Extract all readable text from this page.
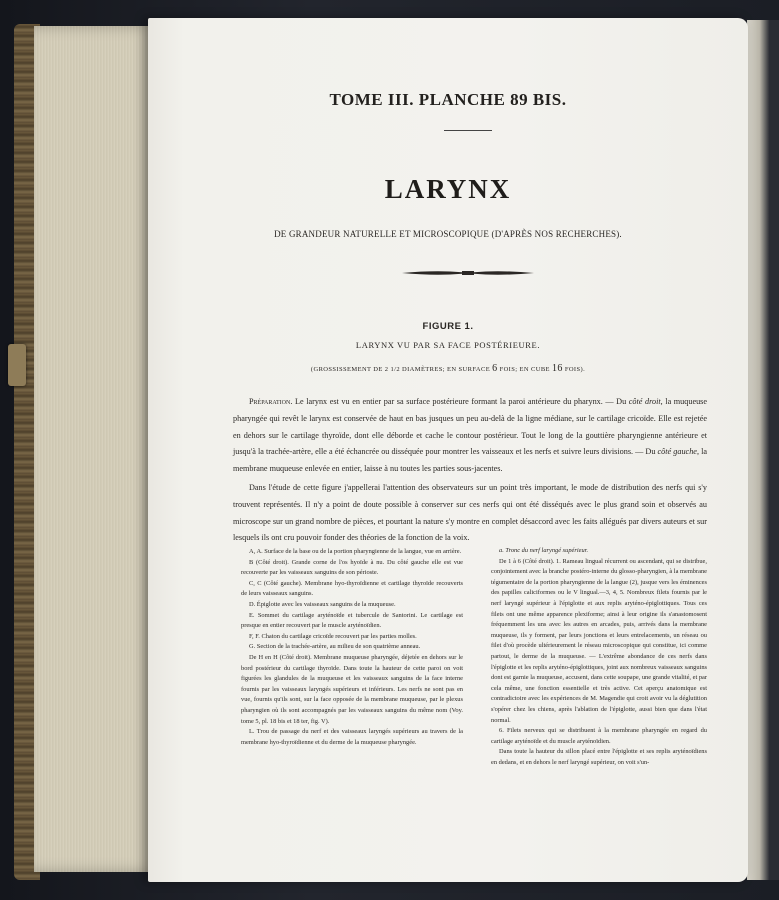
TOME III. PLANCHE 89 BIS.

LARYNX

DE GRANDEUR NATURELLE ET MICROSCOPIQUE (D'APRÈS NOS RECHERCHES).

FIGURE 1.

LARYNX VU PAR SA FACE POSTÉRIEURE.

(GROSSISSEMENT DE 2 1/2 DIAMÈTRES; EN SURFACE 6 FOIS; EN CUBE 16 FOIS).

Préparation. Le larynx est vu en entier par sa surface postérieure formant la paroi antérieure du pharynx. — Du côté droit, la muqueuse pharyngée qui revêt le larynx est conservée de haut en bas jusques un peu au-delà de la ligne médiane, sur le cartilage cricoïde. Elle est rejetée en dehors sur le cartilage thyroïde, dont elle déborde et cache le contour postérieur. Tout le long de la gouttière pharyngienne antérieure et jusqu'à la trachée-artère, elle a été échancrée ou disséquée pour montrer les vaisseaux et les nerfs et suivre leurs divisions. — Du côté gauche, la membrane muqueuse enlevée en entier, laisse à nu toutes les parties sous-jacentes.

Dans l'étude de cette figure j'appellerai l'attention des observateurs sur un point très important, le mode de distribution des nerfs qui s'y trouvent représentés. Il n'y a point de doute possible à conserver sur ces nerfs qui ont été disséqués avec le plus grand soin et observés au microscope sur un grand nombre de pièces, et pourtant la nature s'y montre en complet désaccord avec les faits allégués par divers auteurs et sur lesquels ils ont cru pouvoir fonder des théories de la fonction de la voix.

A, A. Surface de la base ou de la portion pharyngienne de la langue, vue en arrière.

B (Côté droit). Grande corne de l'os hyoïde à nu. Du côté gauche elle est vue recouverte par les vaisseaux sanguins de son périoste.

C, C (Côté gauche). Membrane hyo-thyroïdienne et cartilage thyroïde recouverts de leurs vaisseaux sanguins.

D. Épiglotte avec les vaisseaux sanguins de la muqueuse.

E. Sommet du cartilage aryténoïde et tubercule de Santorini. Le cartilage est presque en entier recouvert par le muscle aryténoïdien.

F, F. Chaton du cartilage cricoïde recouvert par les parties molles.

G. Section de la trachée-artère, au milieu de son quatrième anneau.

De H en H (Côté droit). Membrane muqueuse pharyngée, déjetée en dehors sur le bord postérieur du cartilage thyroïde. Dans toute la hauteur de cette paroi on voit figurées les glandules de la muqueuse et les vaisseaux sanguins de la face interne fournis par les vaisseaux laryngés supérieurs et inférieurs. Les nerfs ne sont pas en vue, fournis qu'ils sont, sur la face opposée de la membrane muqueuse, par le plexus pharyngien où ils sont accompagnés par les vaisseaux sanguins du même nom (Voy. tome 5, pl. 18 bis et 18 ter, fig. V).

L. Trou de passage du nerf et des vaisseaux laryngés supérieurs au travers de la membrane hyo-thyroïdienne et du derme de la muqueuse pharyngée.

a. Tronc du nerf laryngé supérieur.

De 1 à 6 (Côté droit). 1. Rameau lingual récurrent ou ascendant, qui se distribue, conjointement avec la branche postéro-interne du glosso-pharyngien, à la membrane tégumentaire de la portion pharyngienne de la langue (2), jusque vers les éminences des papilles caliciformes ou le V lingual.—3, 4, 5. Nombreux filets fournis par le nerf laryngé supérieur à l'épiglotte et aux replis aryténo-épiglottiques. Tous ces filets ont une même apparence plexiforme; ainsi à leur origine ils s'anastomosent fréquemment les uns avec les autres en arcades, puis, arrivés dans la membrane muqueuse, ils y forment, par leurs jonctions et leurs entrelacements, un réseau ou filet d'où procède ultérieurement le réseau microscopique qui constitue, ici comme partout, le derme de la muqueuse. — L'extrême abondance de ces nerfs dans l'épiglotte et les replis aryténo-épiglottiques, joint aux nombreux vaisseaux sanguins dont est garnie la muqueuse, accusent, dans cette soupape, une grande vitalité, et par cela même, une fonction essentielle et très active. Cet aperçu anatomique est contradictoire avec les expériences de M. Magendie qui croit avoir vu la déglutition s'opérer chez les chiens, après l'ablation de l'épiglotte, aussi bien que dans l'état normal.

6. Filets nerveux qui se distribuent à la membrane pharyngée en regard du cartilage aryténoïde et du muscle aryténoïdien.

Dans toute la hauteur du sillon placé entre l'épiglotte et ses replis aryténoïdiens en dedans, et en dehors le nerf laryngé supérieur, on voit s'un-
